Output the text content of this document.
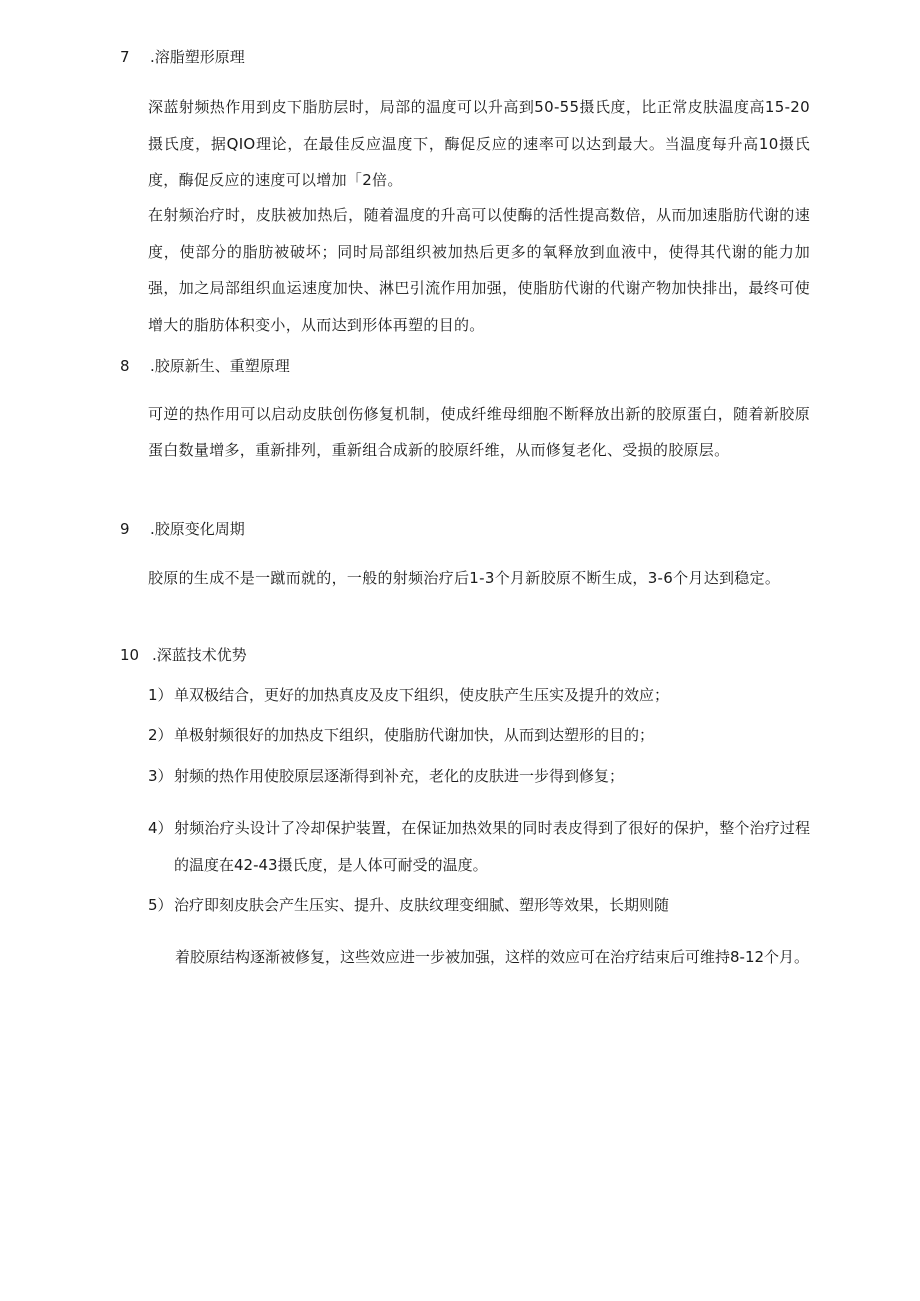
7 .溶脂塑形原理
深蓝射频热作用到皮下脂肪层时，局部的温度可以升高到50-55摄氏度，比正常皮肤温度高15-20摄氏度，据QIO理论，在最佳反应温度下，酶促反应的速率可以达到最大。当温度每升高10摄氏度，酶促反应的速度可以增加「2倍。
在射频治疗时，皮肤被加热后，随着温度的升高可以使酶的活性提高数倍，从而加速脂肪代谢的速度，使部分的脂肪被破坏；同时局部组织被加热后更多的氧释放到血液中，使得其代谢的能力加强，加之局部组织血运速度加快、淋巴引流作用加强，使脂肪代谢的代谢产物加快排出，最终可使增大的脂肪体积变小，从而达到形体再塑的目的。
8 .胶原新生、重塑原理
可逆的热作用可以启动皮肤创伤修复机制，使成纤维母细胞不断释放出新的胶原蛋白，随着新胶原蛋白数量增多，重新排列，重新组合成新的胶原纤维，从而修复老化、受损的胶原层。
9 .胶原变化周期
胶原的生成不是一蹴而就的，一般的射频治疗后1-3个月新胶原不断生成，3-6个月达到稳定。
10 .深蓝技术优势
1）单双极结合，更好的加热真皮及皮下组织，使皮肤产生压实及提升的效应；
2）单极射频很好的加热皮下组织，使脂肪代谢加快，从而到达塑形的目的；
3）射频的热作用使胶原层逐渐得到补充，老化的皮肤进一步得到修复；
4）射频治疗头设计了冷却保护装置，在保证加热效果的同时表皮得到了很好的保护，整个治疗过程的温度在42-43摄氏度，是人体可耐受的温度。
5）治疗即刻皮肤会产生压实、提升、皮肤纹理变细腻、塑形等效果，长期则随
着胶原结构逐渐被修复，这些效应进一步被加强，这样的效应可在治疗结束后可维持8-12个月。
